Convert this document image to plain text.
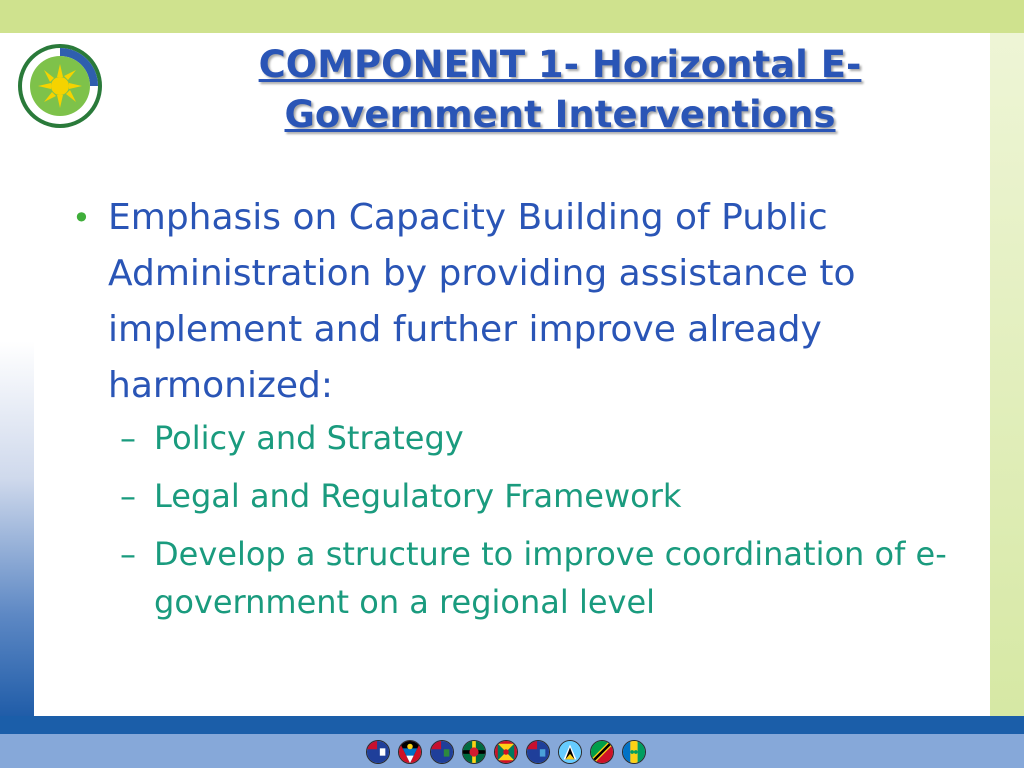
COMPONENT 1- Horizontal E-Government Interventions
• Emphasis on Capacity Building of Public Administration by providing assistance to implement and further improve already harmonized:
– Policy and Strategy
– Legal and Regulatory Framework
– Develop a structure to improve coordination of e-government on a regional level
